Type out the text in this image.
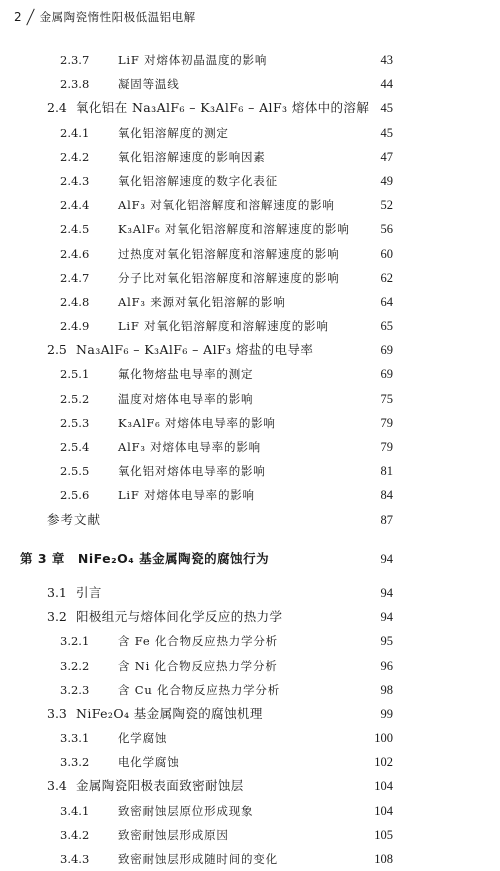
2 金属陶瓷惰性阳极低温铝电解
2.3.7 LiF 对熔体初晶温度的影响	43
2.3.8 凝固等温线	44
2.4 氧化铝在 Na₃AlF₆ – K₃AlF₆ – AlF₃ 熔体中的溶解 45
2.4.1 氧化铝溶解度的测定	45
2.4.2 氧化铝溶解速度的影响因素	47
2.4.3 氧化铝溶解速度的数字化表征	49
2.4.4 AlF₃ 对氧化铝溶解度和溶解速度的影响	52
2.4.5 K₃AlF₆ 对氧化铝溶解度和溶解速度的影响 56
2.4.6 过热度对氧化铝溶解度和溶解速度的影响	60
2.4.7 分子比对氧化铝溶解度和溶解速度的影响	62
2.4.8 AlF₃ 来源对氧化铝溶解的影响	64
2.4.9 LiF 对氧化铝溶解度和溶解速度的影响	65
2.5 Na₃AlF₆ – K₃AlF₆ – AlF₃ 熔盐的电导率	69
2.5.1 氟化物熔盐电导率的测定	69
2.5.2 温度对熔体电导率的影响	75
2.5.3 K₃AlF₆ 对熔体电导率的影响	79
2.5.4 AlF₃ 对熔体电导率的影响	79
2.5.5 氧化铝对熔体电导率的影响	81
2.5.6 LiF 对熔体电导率的影响	84
参考文献	87
第 3 章　NiFe₂O₄ 基金属陶瓷的腐蚀行为	94
3.1 引言	94
3.2 阳极组元与熔体间化学反应的热力学	94
3.2.1 含 Fe 化合物反应热力学分析	95
3.2.2 含 Ni 化合物反应热力学分析	96
3.2.3 含 Cu 化合物反应热力学分析	98
3.3 NiFe₂O₄ 基金属陶瓷的腐蚀机理	99
3.3.1 化学腐蚀	100
3.3.2 电化学腐蚀	102
3.4 金属陶瓷阳极表面致密耐蚀层	104
3.4.1 致密耐蚀层原位形成现象	104
3.4.2 致密耐蚀层形成原因	105
3.4.3 致密耐蚀层形成随时间的变化	108
